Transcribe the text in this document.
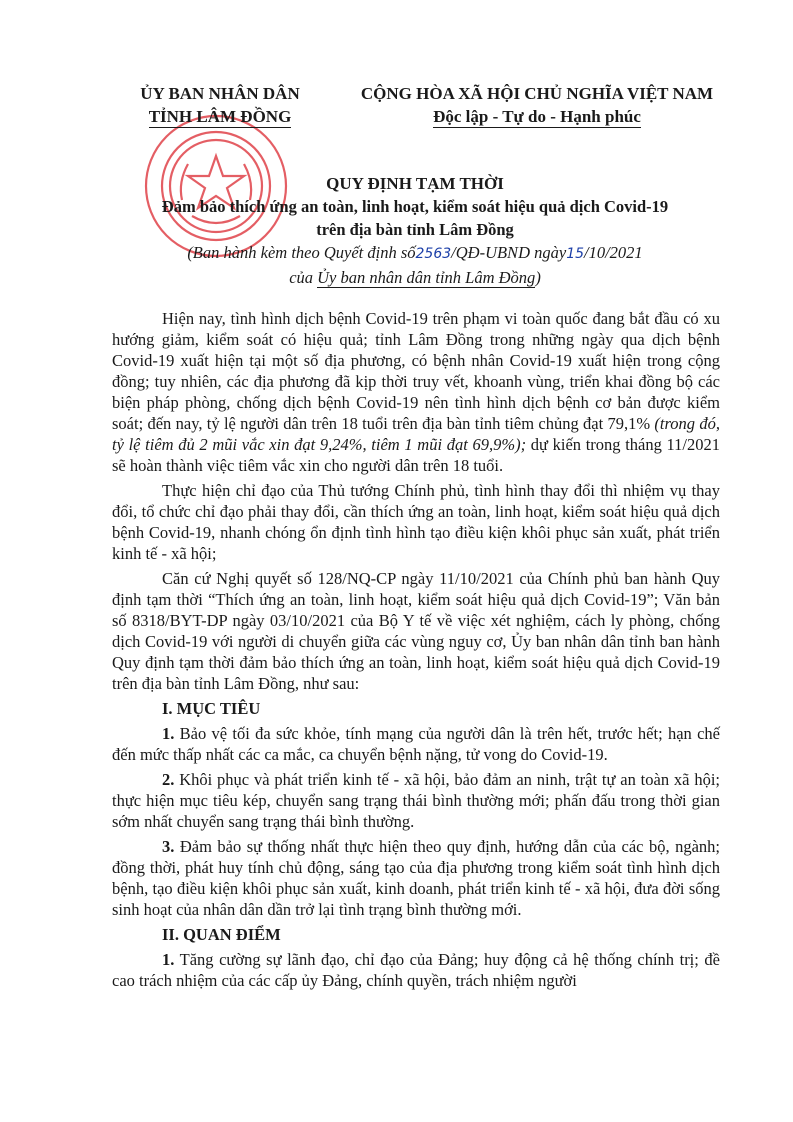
ỦY BAN NHÂN DÂN
TỈNH LÂM ĐỒNG
CỘNG HÒA XÃ HỘI CHỦ NGHĨA VIỆT NAM
Độc lập - Tự do - Hạnh phúc
QUY ĐỊNH TẠM THỜI
Đảm bảo thích ứng an toàn, linh hoạt, kiểm soát hiệu quả dịch Covid-19
trên địa bàn tỉnh Lâm Đồng
(Ban hành kèm theo Quyết định số2563/QĐ-UBND ngày15/10/2021
của Ủy ban nhân dân tỉnh Lâm Đồng)

Hiện nay, tình hình dịch bệnh Covid-19 trên phạm vi toàn quốc đang bắt đầu có xu hướng giảm, kiểm soát có hiệu quả; tỉnh Lâm Đồng trong những ngày qua dịch bệnh Covid-19 xuất hiện tại một số địa phương, có bệnh nhân Covid-19 xuất hiện trong cộng đồng; tuy nhiên, các địa phương đã kịp thời truy vết, khoanh vùng, triển khai đồng bộ các biện pháp phòng, chống dịch bệnh Covid-19 nên tình hình dịch bệnh cơ bản được kiểm soát; đến nay, tỷ lệ người dân trên 18 tuổi trên địa bàn tỉnh tiêm chủng đạt 79,1% (trong đó, tỷ lệ tiêm đủ 2 mũi vắc xin đạt 9,24%, tiêm 1 mũi đạt 69,9%); dự kiến trong tháng 11/2021 sẽ hoàn thành việc tiêm vắc xin cho người dân trên 18 tuổi.

Thực hiện chỉ đạo của Thủ tướng Chính phủ, tình hình thay đổi thì nhiệm vụ thay đổi, tổ chức chỉ đạo phải thay đổi, cần thích ứng an toàn, linh hoạt, kiểm soát hiệu quả dịch bệnh Covid-19, nhanh chóng ổn định tình hình tạo điều kiện khôi phục sản xuất, phát triển kinh tế - xã hội;

Căn cứ Nghị quyết số 128/NQ-CP ngày 11/10/2021 của Chính phủ ban hành Quy định tạm thời “Thích ứng an toàn, linh hoạt, kiểm soát hiệu quả dịch Covid-19”; Văn bản số 8318/BYT-DP ngày 03/10/2021 của Bộ Y tế về việc xét nghiệm, cách ly phòng, chống dịch Covid-19 với người di chuyển giữa các vùng nguy cơ, Ủy ban nhân dân tỉnh ban hành Quy định tạm thời đảm bảo thích ứng an toàn, linh hoạt, kiểm soát hiệu quả dịch Covid-19 trên địa bàn tỉnh Lâm Đồng, như sau:

I. MỤC TIÊU

1. Bảo vệ tối đa sức khỏe, tính mạng của người dân là trên hết, trước hết; hạn chế đến mức thấp nhất các ca mắc, ca chuyển bệnh nặng, tử vong do Covid-19.

2. Khôi phục và phát triển kinh tế - xã hội, bảo đảm an ninh, trật tự an toàn xã hội; thực hiện mục tiêu kép, chuyển sang trạng thái bình thường mới; phấn đấu trong thời gian sớm nhất chuyển sang trạng thái bình thường.

3. Đảm bảo sự thống nhất thực hiện theo quy định, hướng dẫn của các bộ, ngành; đồng thời, phát huy tính chủ động, sáng tạo của địa phương trong kiểm soát tình hình dịch bệnh, tạo điều kiện khôi phục sản xuất, kinh doanh, phát triển kinh tế - xã hội, đưa đời sống sinh hoạt của nhân dân dần trở lại tình trạng bình thường mới.

II. QUAN ĐIỂM

1. Tăng cường sự lãnh đạo, chỉ đạo của Đảng; huy động cả hệ thống chính trị; đề cao trách nhiệm của các cấp ủy Đảng, chính quyền, trách nhiệm người
